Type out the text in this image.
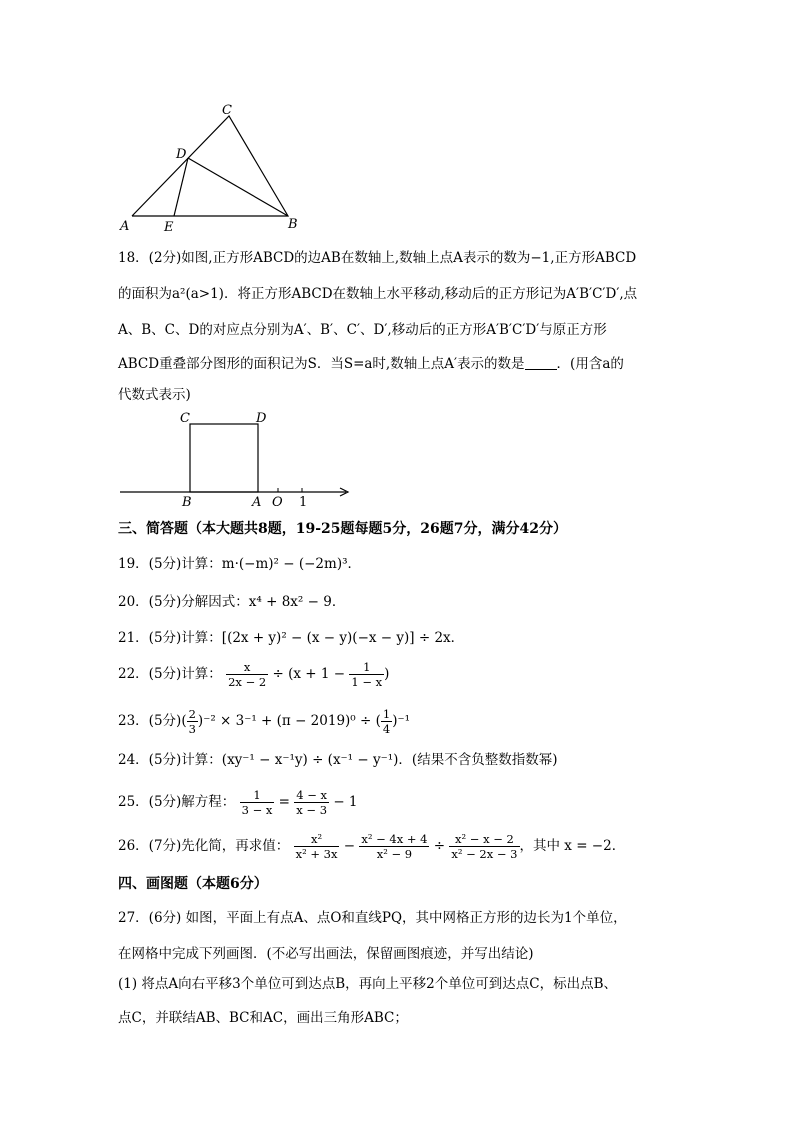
C
D
A	E	B
18．(2分)如图,正方形ABCD的边AB在数轴上,数轴上点A表示的数为−1,正方形ABCD
的面积为a²(a>1)．将正方形ABCD在数轴上水平移动,移动后的正方形记为A′B′C′D′,点
A、B、C、D的对应点分别为A′、B′、C′、D′,移动后的正方形A′B′C′D′与原正方形
ABCD重叠部分图形的面积记为S．当S=a时,数轴上点A′表示的数是 ．(用含a的
代数式表示)
C	D
B	A O 1
三、简答题（本大题共8题，19-25题每题5分，26题7分，满分42分）
19．(5分)计算：m·(−m)² − (−2m)³．
20．(5分)分解因式：x⁴ + 8x² − 9．
21．(5分)计算：[(2x + y)² − (x − y)(−x − y)] ÷ 2x．
22．(5分)计算： $\frac{x}{2x - 2} \div (x + 1 - \frac{1}{1 - x}$ )
23．(5分)( $\frac{2}{3} )^{-2} \times 3^{-1} + (\pi - 2019)^0$ ÷ ( $\frac{1}{4} )^{-1}$
24．(5分)计算：(xy⁻¹ − x⁻¹y) ÷ (x⁻¹ − y⁻¹)．(结果不含负整数指数幂)
25．(5分)解方程： $\frac{1}{3 - x} = \frac{4 - x}{x - 3} - 1$
26．(7分)先化简，再求值： $\frac{\text{x²}}{\text{x² + 3x}} - \frac{\text{x² − 4x + 4}}{\text{x² − 9}} \div \frac{\text{x² − x − 2}}{\text{x² − 2x − 3}}$ ，其中 x = −2．
四、画图题（本题6分）
27．(6分) 如图，平面上有点A、点O和直线PQ，其中网格正方形的边长为1个单位，
在网格中完成下列画图．(不必写出画法，保留画图痕迹，并写出结论)
(1) 将点A向右平移3个单位可到达点B，再向上平移2个单位可到达点C，标出点B、
点C，并联结AB、BC和AC，画出三角形ABC；
